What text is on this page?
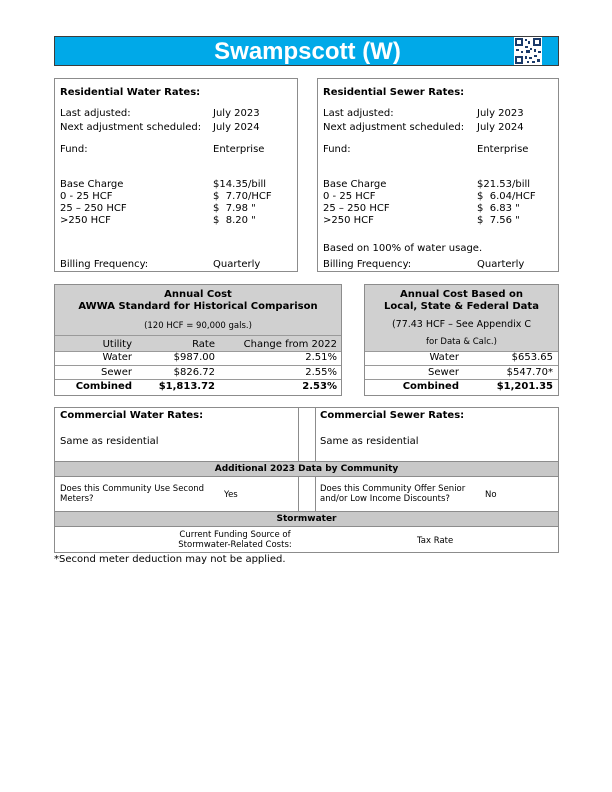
Swampscott (W)
Residential Water Rates:
Last adjusted:	July 2023
Next adjustment scheduled: July 2024
Fund:	Enterprise
Base Charge	$14.35/bill
0 - 25 HCF	$  7.70/HCF
25 – 250 HCF	$  7.98 "
>250 HCF	$  8.20 "
Billing Frequency:	Quarterly
Residential Sewer Rates:
Last adjusted:	July 2023
Next adjustment scheduled: July 2024
Fund:	Enterprise
Base Charge	$21.53/bill
0 - 25 HCF	$  6.04/HCF
25 – 250 HCF	$  6.83 "
>250 HCF	$  7.56 "
Based on 100% of water usage.
Billing Frequency:	Quarterly
Annual Cost
AWWA Standard for Historical Comparison
(120 HCF = 90,000 gals.)
Utility	Rate	Change from 2022
Water	$987.00	2.51%
Sewer	$826.72	2.55%
Combined	$1,813.72	2.53%
Annual Cost Based on
Local, State & Federal Data
(77.43 HCF – See Appendix C
for Data & Calc.)
Water	$653.65
Sewer	$547.70*
Combined	$1,201.35
Commercial Water Rates:
Same as residential
Commercial Sewer Rates:
Same as residential
Additional 2023 Data by Community
Does this Community Use Second Meters?	Yes
Does this Community Offer Senior and/or Low Income Discounts?	No
Stormwater
Current Funding Source of Stormwater-Related Costs:	Tax Rate
*Second meter deduction may not be applied.
